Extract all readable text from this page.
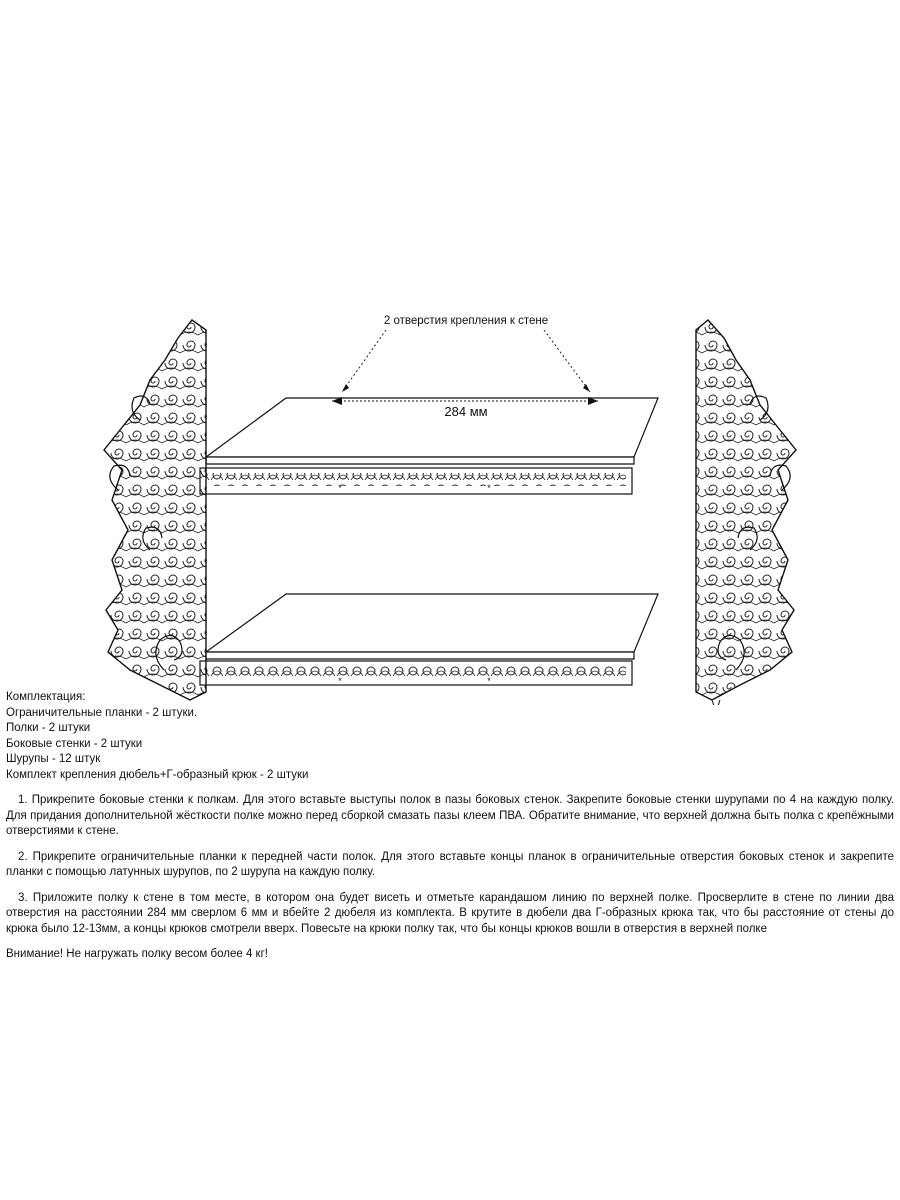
2 отверстия крепления к стене
284 мм
*	*
*	*

Комплектация:

Ограничительные планки - 2 штуки.

Полки - 2 штуки

Боковые стенки - 2 штуки

Шурупы - 12 штук

Комплект крепления дюбель+Г-образный крюк - 2 штуки

1. Прикрепите боковые стенки к полкам. Для этого вставьте выступы полок в пазы боковых стенок. Закрепите боковые стенки шурупами по 4 на каждую полку. Для придания дополнительной жёсткости полке можно перед сборкой смазать пазы клеем ПВА. Обратите внимание, что верхней должна быть полка с крепёжными отверстиями к стене.

2. Прикрепите ограничительные планки к передней части полок. Для этого вставьте концы планок в ограничительные отверстия боковых стенок и закрепите планки с помощью латунных шурупов, по 2 шурупа на каждую полку.

3. Приложите полку к стене в том месте, в котором она будет висеть и отметьте карандашом линию по верхней полке. Просверлите в стене по линии два отверстия на расстоянии 284 мм сверлом 6 мм и вбейте 2 дюбеля из комплекта. В крутите в дюбели два Г-образных крюка так, что бы расстояние от стены до крюка было 12-13мм, а концы крюков смотрели вверх. Повесьте на крюки полку так, что бы концы крюков вошли в отверстия в верхней полке

Внимание! Не нагружать полку весом более 4 кг!
